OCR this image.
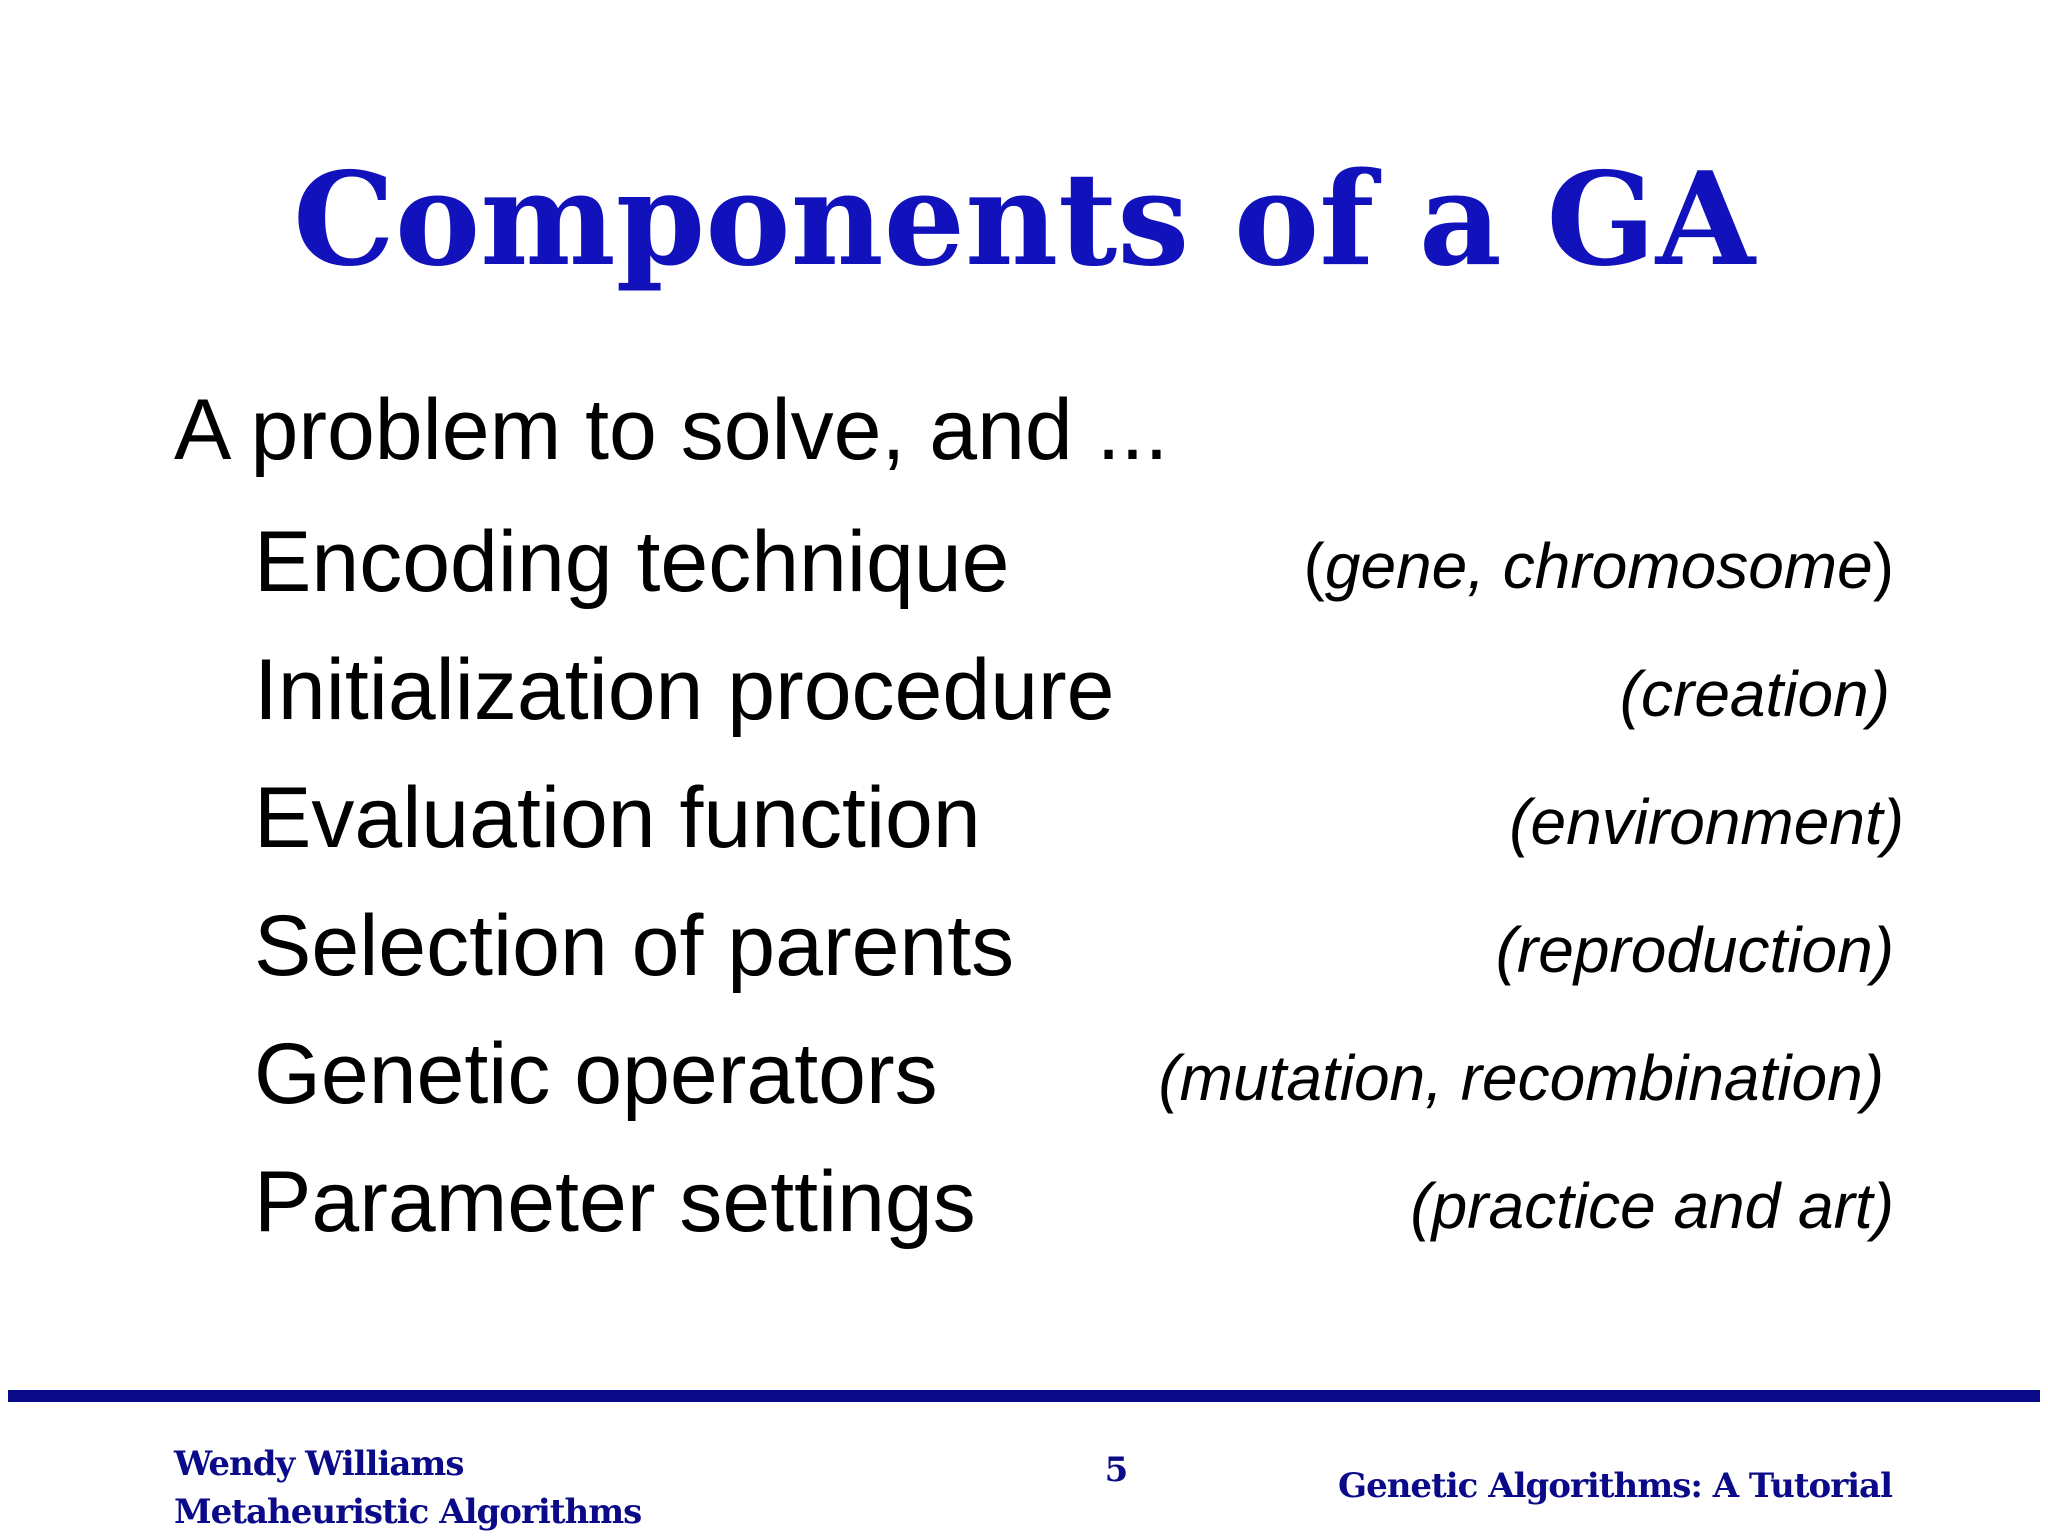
Components of a GA
A problem to solve, and ...
Encoding technique	(gene, chromosome)
Initialization procedure	(creation)
Evaluation function	(environment)
Selection of parents	(reproduction)
Genetic operators	(mutation, recombination)
Parameter settings	(practice and art)
Wendy Williams
Metaheuristic Algorithms
5	Genetic Algorithms: A Tutorial
